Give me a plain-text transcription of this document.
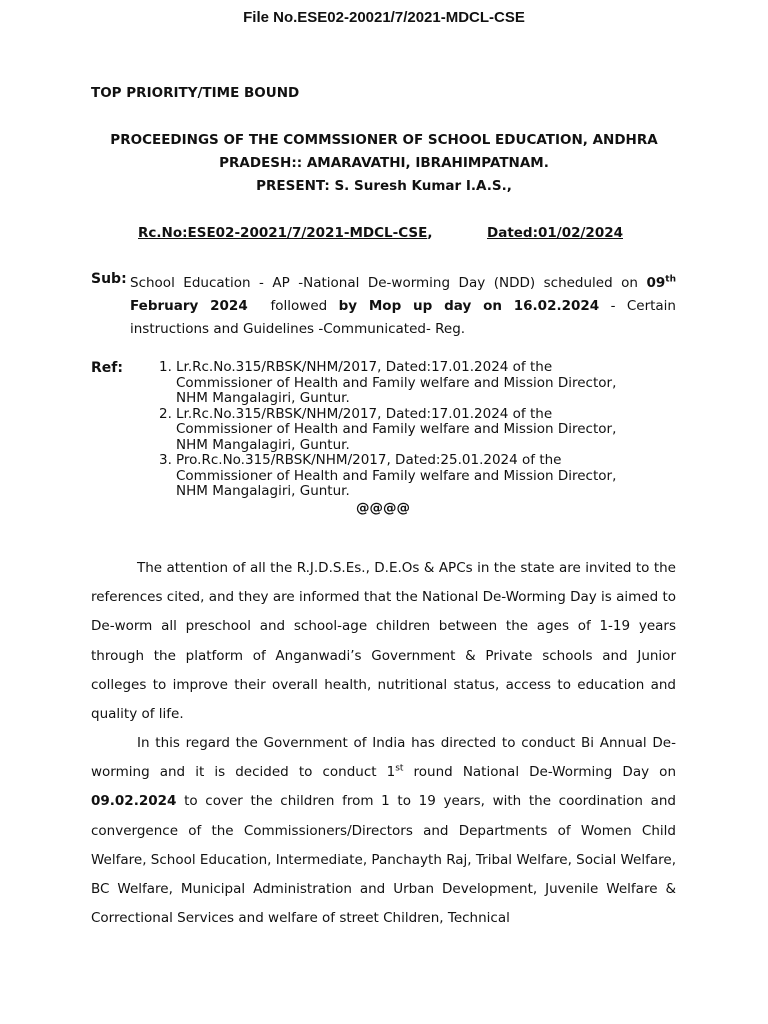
File No.ESE02-20021/7/2021-MDCL-CSE
TOP PRIORITY/TIME BOUND
PROCEEDINGS OF THE COMMSSIONER OF SCHOOL EDUCATION, ANDHRA
PRADESH:: AMARAVATHI, IBRAHIMPATNAM.
PRESENT: S. Suresh Kumar I.A.S.,
Rc.No:ESE02-20021/7/2021-MDCL-CSE,	Dated:01/02/2024
Sub: School Education - AP -National De-worming Day (NDD) scheduled on 09th February 2024  followed by Mop up day on 16.02.2024 - Certain instructions and Guidelines -Communicated- Reg.
Ref:	1. Lr.Rc.No.315/RBSK/NHM/2017, Dated:17.01.2024 of the
Commissioner of Health and Family welfare and Mission Director,
NHM Mangalagiri, Guntur.
2. Lr.Rc.No.315/RBSK/NHM/2017, Dated:17.01.2024 of the
Commissioner of Health and Family welfare and Mission Director,
NHM Mangalagiri, Guntur.
3. Pro.Rc.No.315/RBSK/NHM/2017, Dated:25.01.2024 of the
Commissioner of Health and Family welfare and Mission Director,
NHM Mangalagiri, Guntur.
@@@@
The attention of all the R.J.D.S.Es., D.E.Os & APCs in the state are invited to the references cited, and they are informed that the National De-Worming Day is aimed to De-worm all preschool and school-age children between the ages of 1-19 years through the platform of Anganwadi’s Government & Private schools and Junior colleges to improve their overall health, nutritional status, access to education and quality of life.
In this regard the Government of India has directed to conduct Bi Annual De-worming and it is decided to conduct 1st round National De-Worming Day on 09.02.2024 to cover the children from 1 to 19 years, with the coordination and convergence of the Commissioners/Directors and Departments of Women Child Welfare, School Education, Intermediate, Panchayth Raj, Tribal Welfare, Social Welfare, BC Welfare, Municipal Administration and Urban Development, Juvenile Welfare & Correctional Services and welfare of street Children, Technical
